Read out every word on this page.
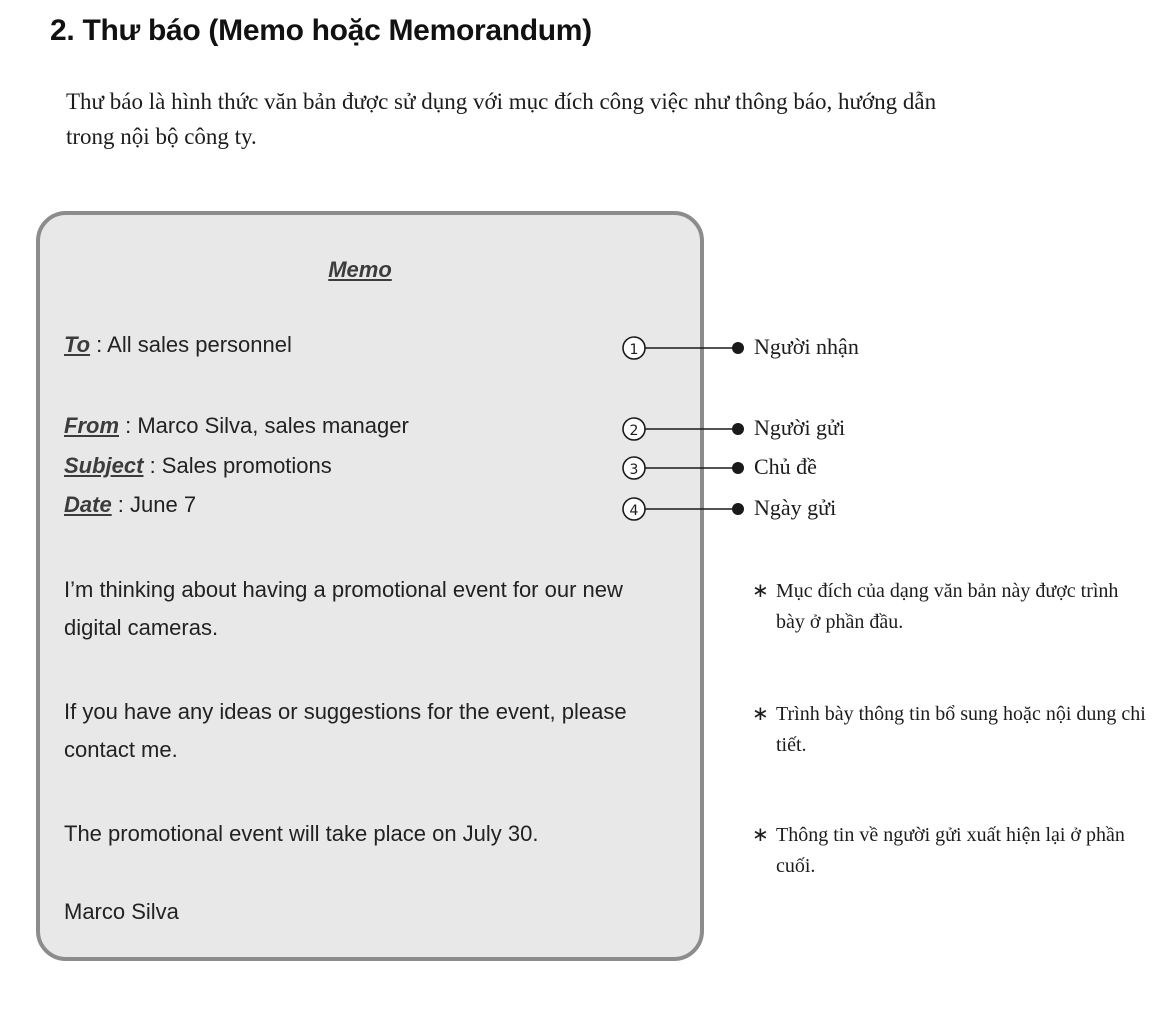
2. Thư báo (Memo hoặc Memorandum)

Thư báo là hình thức văn bản được sử dụng với mục đích công việc như thông báo, hướng dẫn trong nội bộ công ty.

Memo

To : All sales personnel

From : Marco Silva, sales manager

Subject : Sales promotions

Date : June 7

I’m thinking about having a promotional event for our new digital cameras.

If you have any ideas or suggestions for the event, please contact me.

The promotional event will take place on July 30.

Marco Silva

1
2
3
4

Người nhận

Người gửi

Chủ đề

Ngày gửi

∗ Mục đích của dạng văn bản này được trình bày ở phần đầu.
∗ Trình bày thông tin bổ sung hoặc nội dung chi tiết.
∗ Thông tin về người gửi xuất hiện lại ở phần cuối.
